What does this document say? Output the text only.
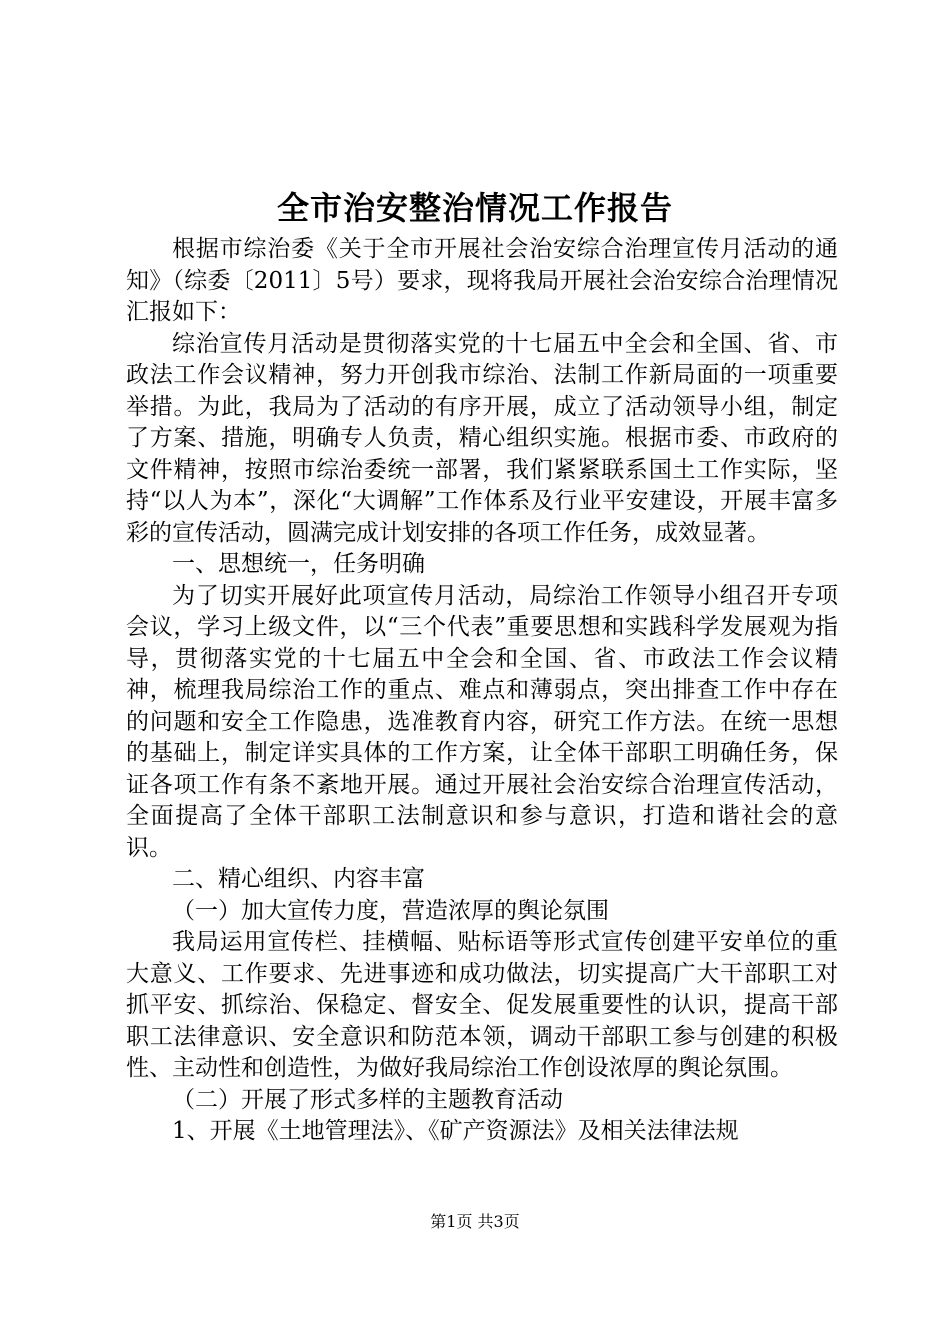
全市治安整治情况工作报告

根据市综治委《关于全市开展社会治安综合治理宣传月活动的通知》（综委〔2011〕5号）要求，现将我局开展社会治安综合治理情况汇报如下：

综治宣传月活动是贯彻落实党的十七届五中全会和全国、省、市政法工作会议精神，努力开创我市综治、法制工作新局面的一项重要举措。为此，我局为了活动的有序开展，成立了活动领导小组，制定了方案、措施，明确专人负责，精心组织实施。根据市委、市政府的文件精神，按照市综治委统一部署，我们紧紧联系国土工作实际，坚持“以人为本”，深化“大调解”工作体系及行业平安建设，开展丰富多彩的宣传活动，圆满完成计划安排的各项工作任务，成效显著。

一、思想统一，任务明确

为了切实开展好此项宣传月活动，局综治工作领导小组召开专项会议，学习上级文件，以“三个代表”重要思想和实践科学发展观为指导，贯彻落实党的十七届五中全会和全国、省、市政法工作会议精神，梳理我局综治工作的重点、难点和薄弱点，突出排查工作中存在的问题和安全工作隐患，选准教育内容，研究工作方法。在统一思想的基础上，制定详实具体的工作方案，让全体干部职工明确任务，保证各项工作有条不紊地开展。通过开展社会治安综合治理宣传活动，全面提高了全体干部职工法制意识和参与意识，打造和谐社会的意识。

二、精心组织、内容丰富

（一）加大宣传力度，营造浓厚的舆论氛围

我局运用宣传栏、挂横幅、贴标语等形式宣传创建平安单位的重大意义、工作要求、先进事迹和成功做法，切实提高广大干部职工对抓平安、抓综治、保稳定、督安全、促发展重要性的认识，提高干部职工法律意识、安全意识和防范本领，调动干部职工参与创建的积极性、主动性和创造性，为做好我局综治工作创设浓厚的舆论氛围。

（二）开展了形式多样的主题教育活动

1、开展《土地管理法》、《矿产资源法》及相关法律法规

第1页 共3页
